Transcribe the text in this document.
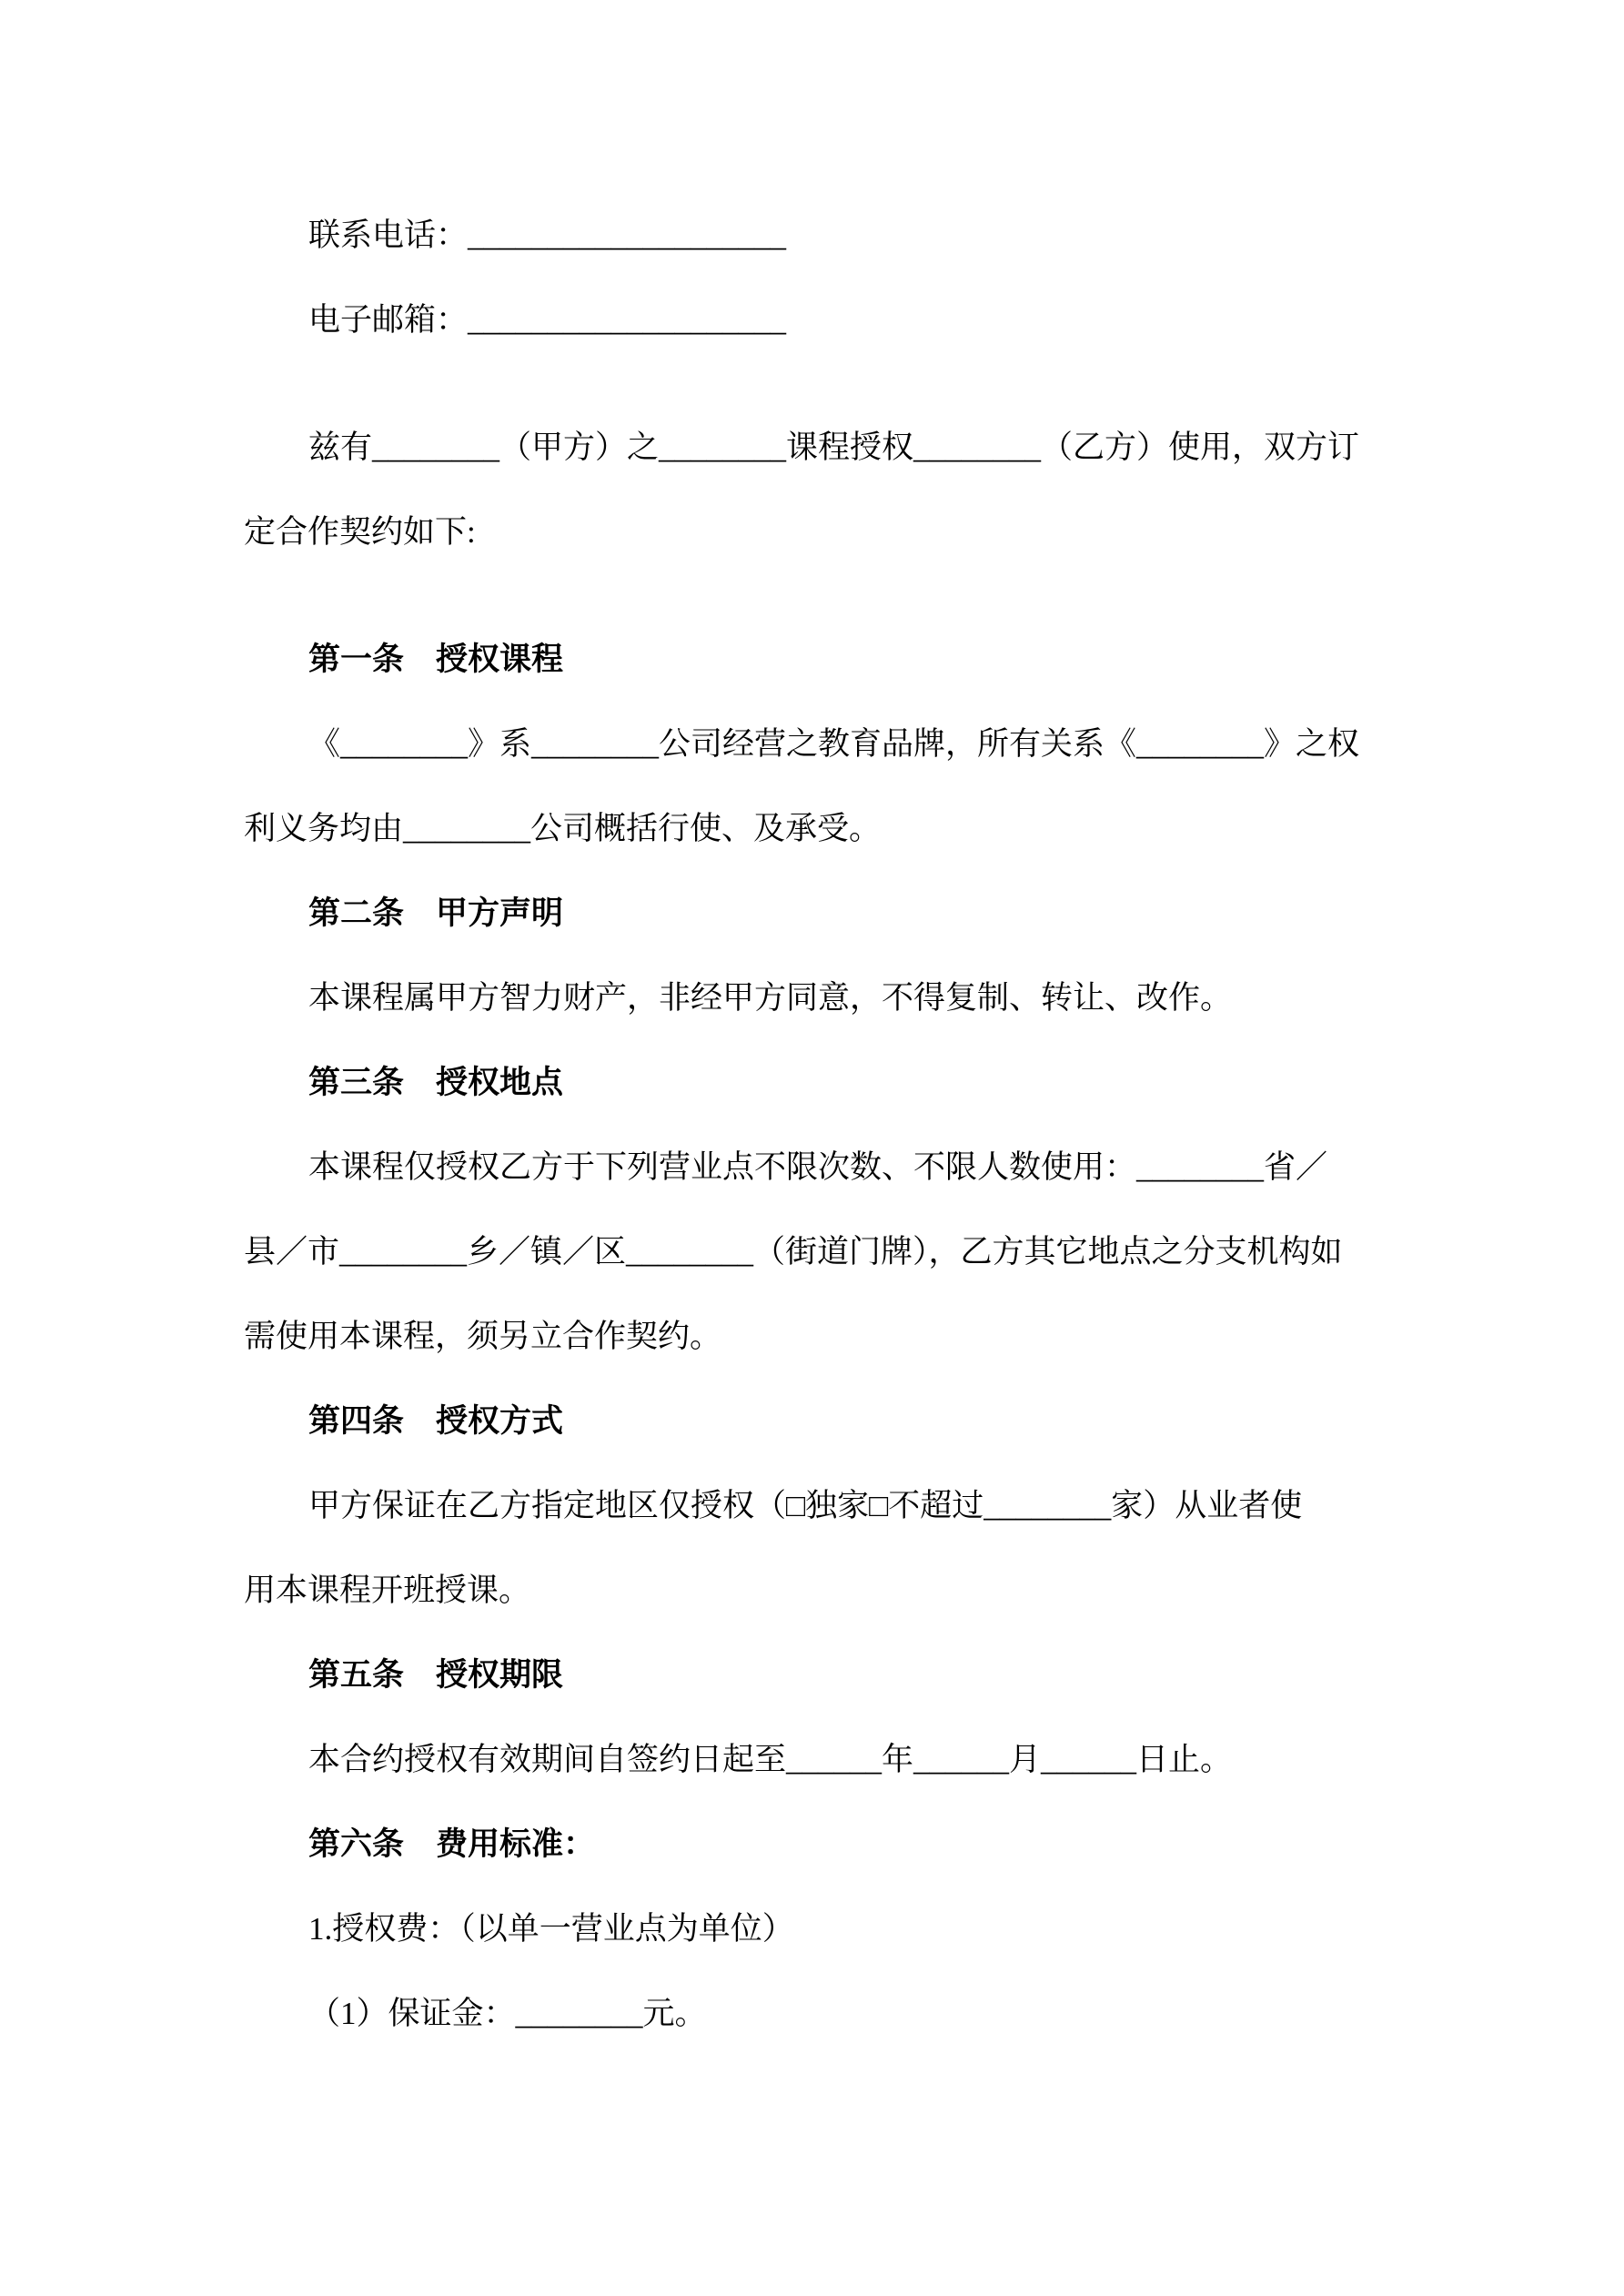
联系电话：____________________
电子邮箱：____________________
兹有________（甲方）之________课程授权________（乙方）使用，双方订
定合作契约如下:
第一条　授权课程
《________》系________公司经营之教育品牌，所有关系《________》之权
利义务均由________公司概括行使、及承受。
第二条　甲方声明
本课程属甲方智力财产，非经甲方同意，不得复制、转让、改作。
第三条　授权地点
本课程仅授权乙方于下列营业点不限次数、不限人数使用：________省／
县／市________乡／镇／区________（街道门牌），乙方其它地点之分支机构如
需使用本课程，须另立合作契约。
第四条　授权方式
甲方保证在乙方指定地区仅授权（□独家□不超过________家）从业者使
用本课程开班授课。
第五条　授权期限
本合约授权有效期间自签约日起至______年______月______日止。
第六条　费用标准：
1.授权费：（以单一营业点为单位）
（1）保证金：________元。
